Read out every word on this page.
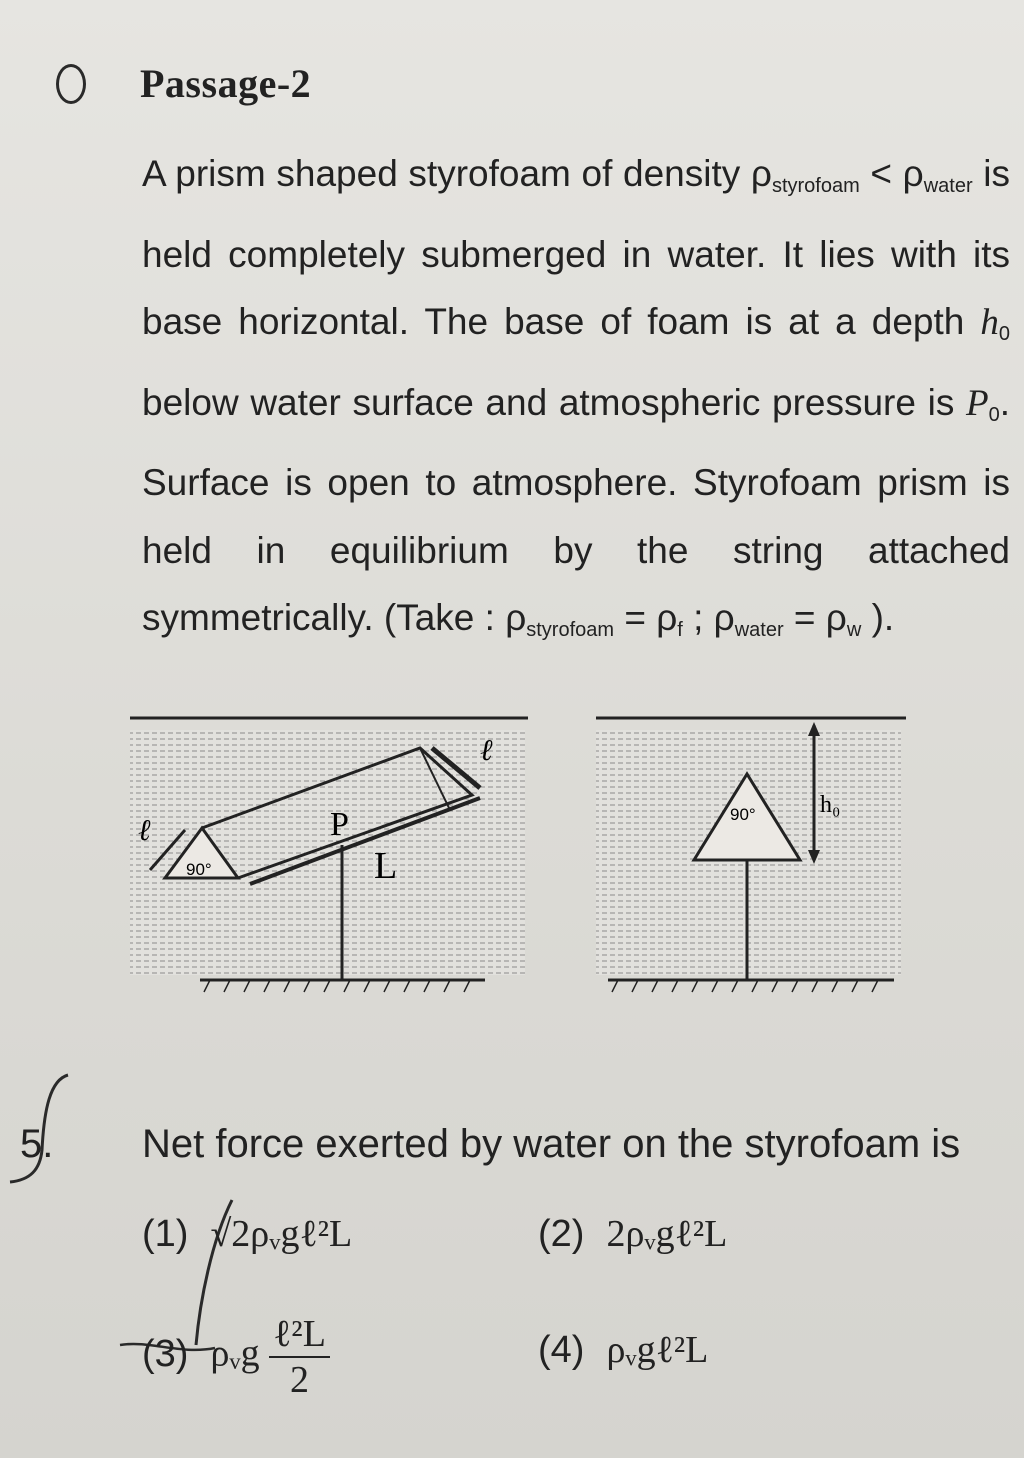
Passage-2
A prism shaped styrofoam of density $\rho_{styrofoam} < \rho_{water}$ is held completely submerged in water. It lies with its base horizontal. The base of foam is at a depth $h_0$ below water surface and atmospheric pressure is $P_0$. Surface is open to atmosphere. Styrofoam prism is held in equilibrium by the string attached symmetrically. (Take : $\rho_{styrofoam} = \rho_f$ ; $\rho_{water} = \rho_w$ ).
ℓ
ℓ
90°
P
L
90°	h₀
5. Net force exerted by water on the styrofoam is
(1) √2ρᵥgℓ²L	(2) 2ρᵥgℓ²L
(3) ρᵥg $\frac{\text{ℓ²L}}{2}$	(4) ρᵥgℓ²L
